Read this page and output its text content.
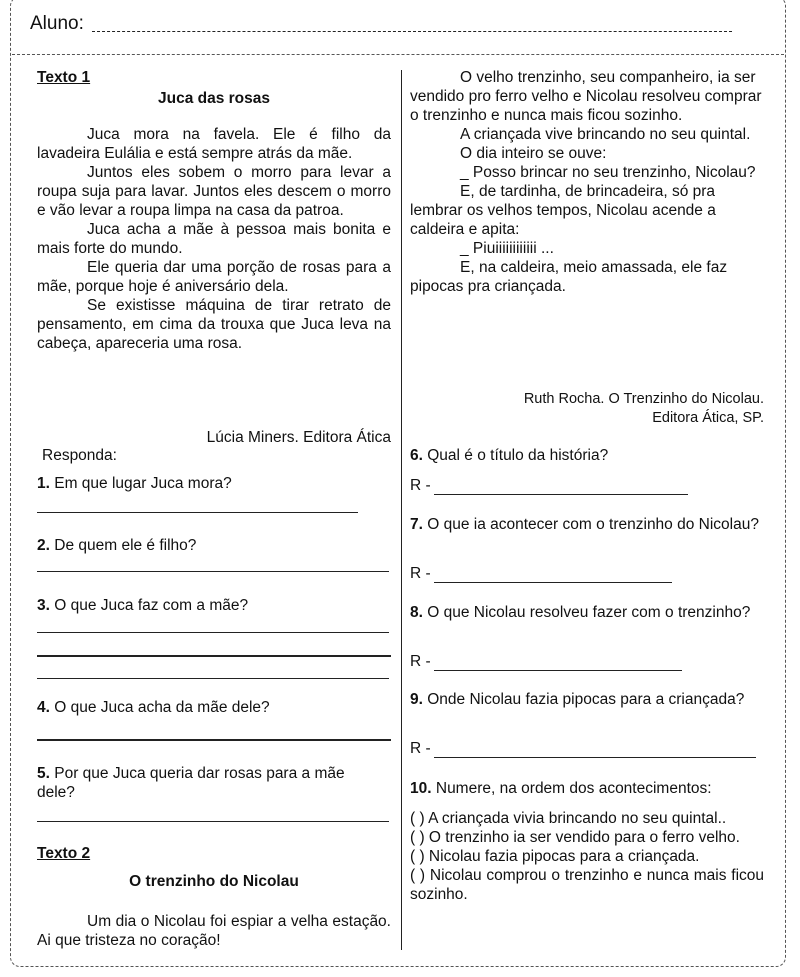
Aluno:
Texto 1
Juca das rosas

Juca mora na favela. Ele é filho da lavadeira Eulália e está sempre atrás da mãe.

Juntos eles sobem o morro para levar a roupa suja para lavar. Juntos eles descem o morro e vão levar a roupa limpa na casa da patroa.

Juca acha a mãe à pessoa mais bonita e mais forte do mundo.

Ele queria dar uma porção de rosas para a mãe, porque hoje é aniversário dela.

Se existisse máquina de tirar retrato de pensamento, em cima da trouxa que Juca leva na cabeça, apareceria uma rosa.

Lúcia Miners. Editora Ática
Responda:
1. Em que lugar Juca mora?
2. De quem ele é filho?
3. O que Juca faz com a mãe?
4. O que Juca acha da mãe dele?
5. Por que Juca queria dar rosas para a mãe dele?
Texto 2
O trenzinho do Nicolau

Um dia o Nicolau foi espiar a velha estação. Ai que tristeza no coração!

O velho trenzinho, seu companheiro, ia ser vendido pro ferro velho e Nicolau resolveu comprar o trenzinho e nunca mais ficou sozinho.

A criançada vive brincando no seu quintal.

O dia inteiro se ouve:

_ Posso brincar no seu trenzinho, Nicolau?

E, de tardinha, de brincadeira, só pra lembrar os velhos tempos, Nicolau acende a caldeira e apita:

_ Piuiiiiiiiiiiii ...

E, na caldeira, meio amassada, ele faz pipocas pra criançada.

Ruth Rocha. O Trenzinho do Nicolau.
Editora Ática, SP.
6. Qual é o título da história?
R -

7. O que ia acontecer com o trenzinho do Nicolau?

R -

8. O que Nicolau resolveu fazer com o trenzinho?

R -

9. Onde Nicolau fazia pipocas para a criançada?

R -
10. Numere, na ordem dos acontecimentos:

( ) A criançada vivia brincando no seu quintal..

( ) O trenzinho ia ser vendido para o ferro velho.

( ) Nicolau fazia pipocas para a criançada.

( ) Nicolau comprou o trenzinho e nunca mais ficou sozinho.
